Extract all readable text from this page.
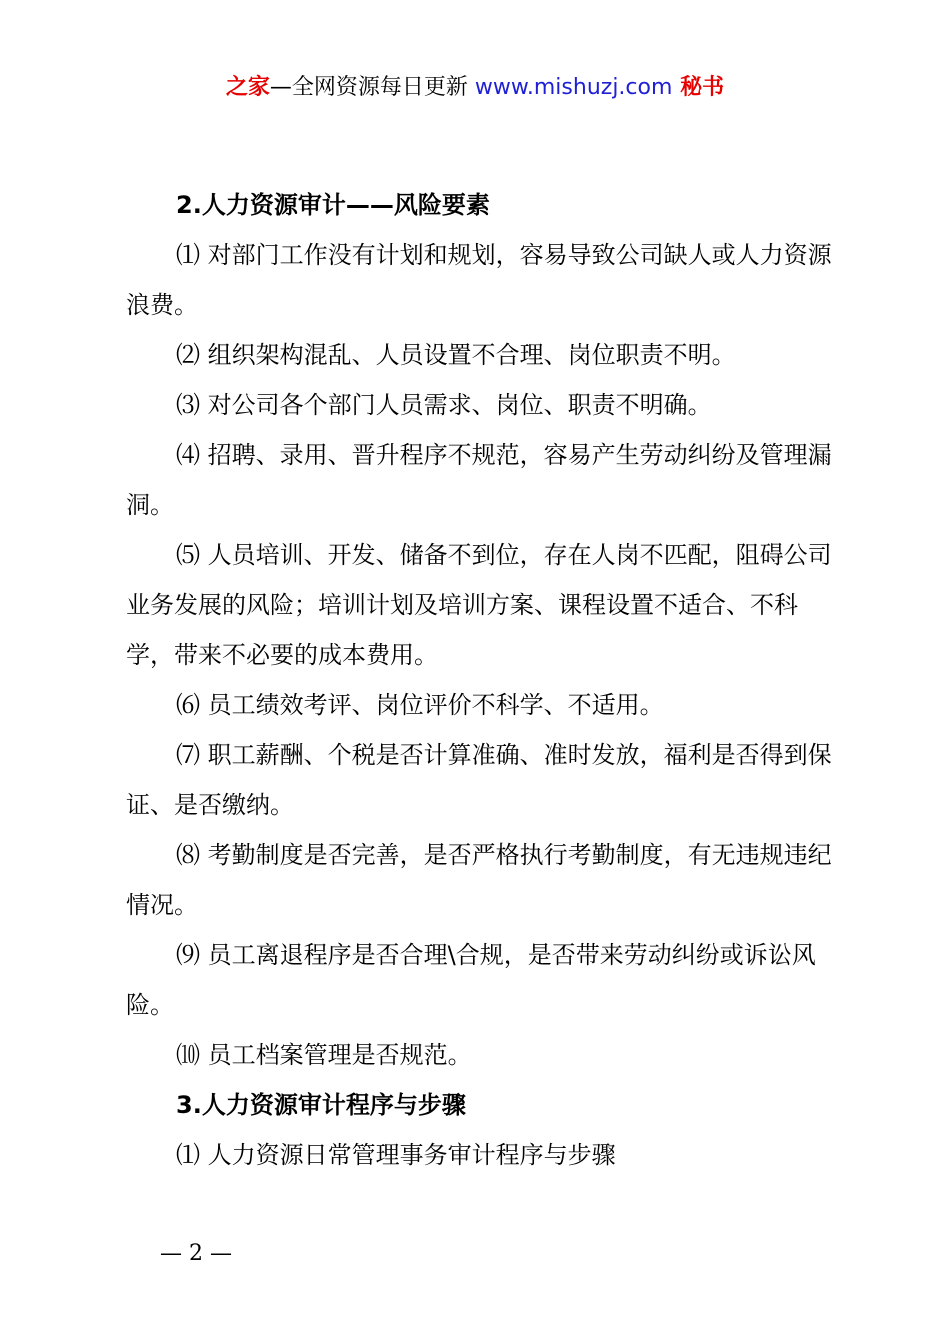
之家—全网资源每日更新 www.mishuzj.com 秘书
2.人力资源审计——风险要素

⑴ 对部门工作没有计划和规划，容易导致公司缺人或人力资源浪费。

⑵ 组织架构混乱、人员设置不合理、岗位职责不明。

⑶ 对公司各个部门人员需求、岗位、职责不明确。

⑷ 招聘、录用、晋升程序不规范，容易产生劳动纠纷及管理漏洞。

⑸ 人员培训、开发、储备不到位，存在人岗不匹配，阻碍公司业务发展的风险；培训计划及培训方案、课程设置不适合、不科学，带来不必要的成本费用。

⑹ 员工绩效考评、岗位评价不科学、不适用。

⑺ 职工薪酬、个税是否计算准确、准时发放，福利是否得到保证、是否缴纳。

⑻ 考勤制度是否完善，是否严格执行考勤制度，有无违规违纪情况。

⑼ 员工离退程序是否合理\合规，是否带来劳动纠纷或诉讼风险。

⑽ 员工档案管理是否规范。

3.人力资源审计程序与步骤

⑴ 人力资源日常管理事务审计程序与步骤

— 2 —
